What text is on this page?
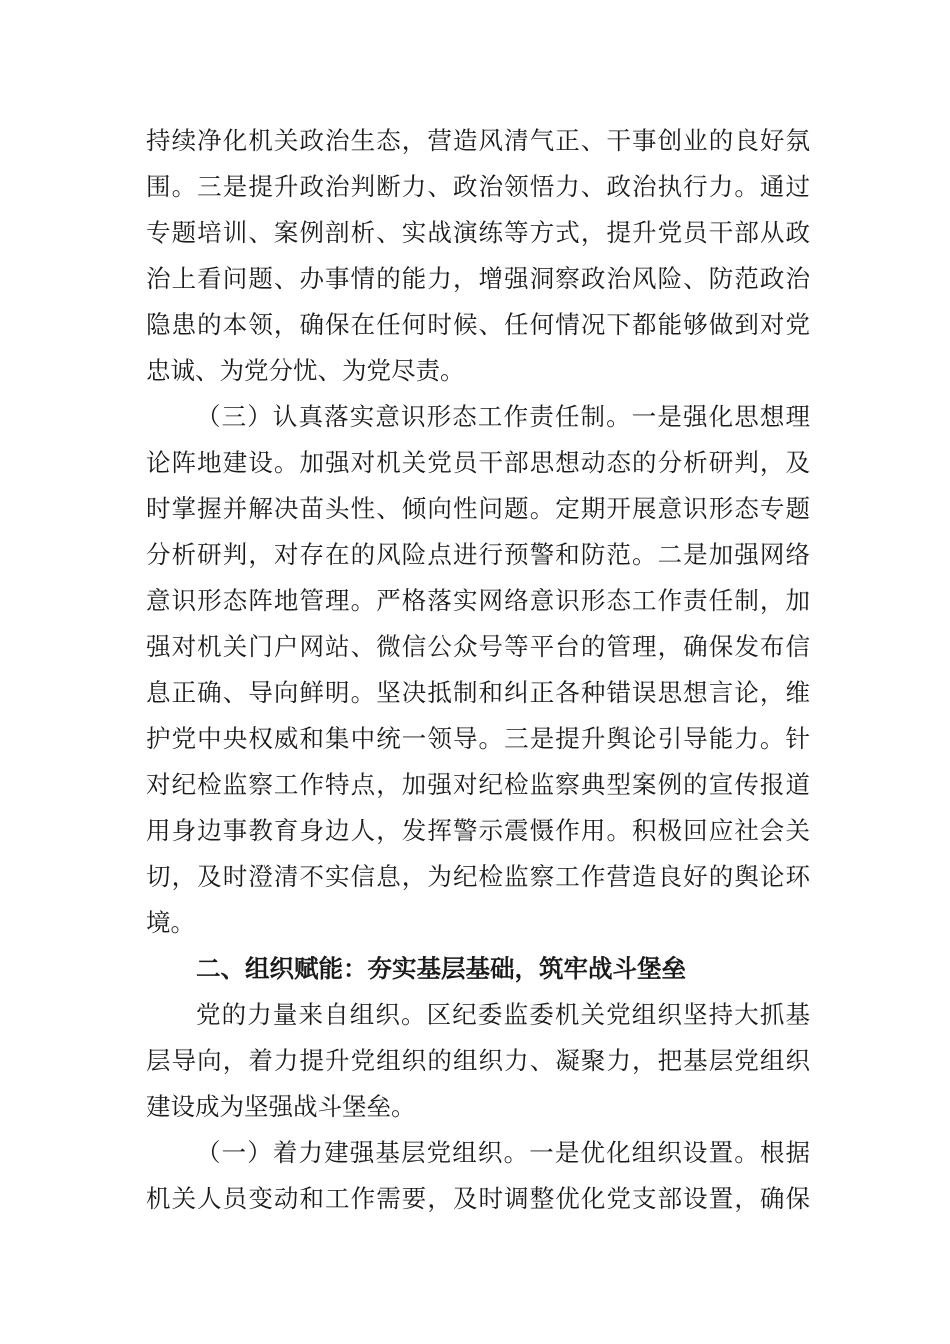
持续净化机关政治生态，营造风清气正、干事创业的良好氛
围。三是提升政治判断力、政治领悟力、政治执行力。通过
专题培训、案例剖析、实战演练等方式，提升党员干部从政
治上看问题、办事情的能力，增强洞察政治风险、防范政治
隐患的本领，确保在任何时候、任何情况下都能够做到对党
忠诚、为党分忧、为党尽责。
（三）认真落实意识形态工作责任制。一是强化思想理
论阵地建设。加强对机关党员干部思想动态的分析研判，及
时掌握并解决苗头性、倾向性问题。定期开展意识形态专题
分析研判，对存在的风险点进行预警和防范。二是加强网络
意识形态阵地管理。严格落实网络意识形态工作责任制，加
强对机关门户网站、微信公众号等平台的管理，确保发布信
息正确、导向鲜明。坚决抵制和纠正各种错误思想言论，维
护党中央权威和集中统一领导。三是提升舆论引导能力。针
对纪检监察工作特点，加强对纪检监察典型案例的宣传报道
用身边事教育身边人，发挥警示震慑作用。积极回应社会关
切，及时澄清不实信息，为纪检监察工作营造良好的舆论环
境。
二、组织赋能：夯实基层基础，筑牢战斗堡垒
党的力量来自组织。区纪委监委机关党组织坚持大抓基
层导向，着力提升党组织的组织力、凝聚力，把基层党组织
建设成为坚强战斗堡垒。
（一）着力建强基层党组织。一是优化组织设置。根据
机关人员变动和工作需要，及时调整优化党支部设置，确保
